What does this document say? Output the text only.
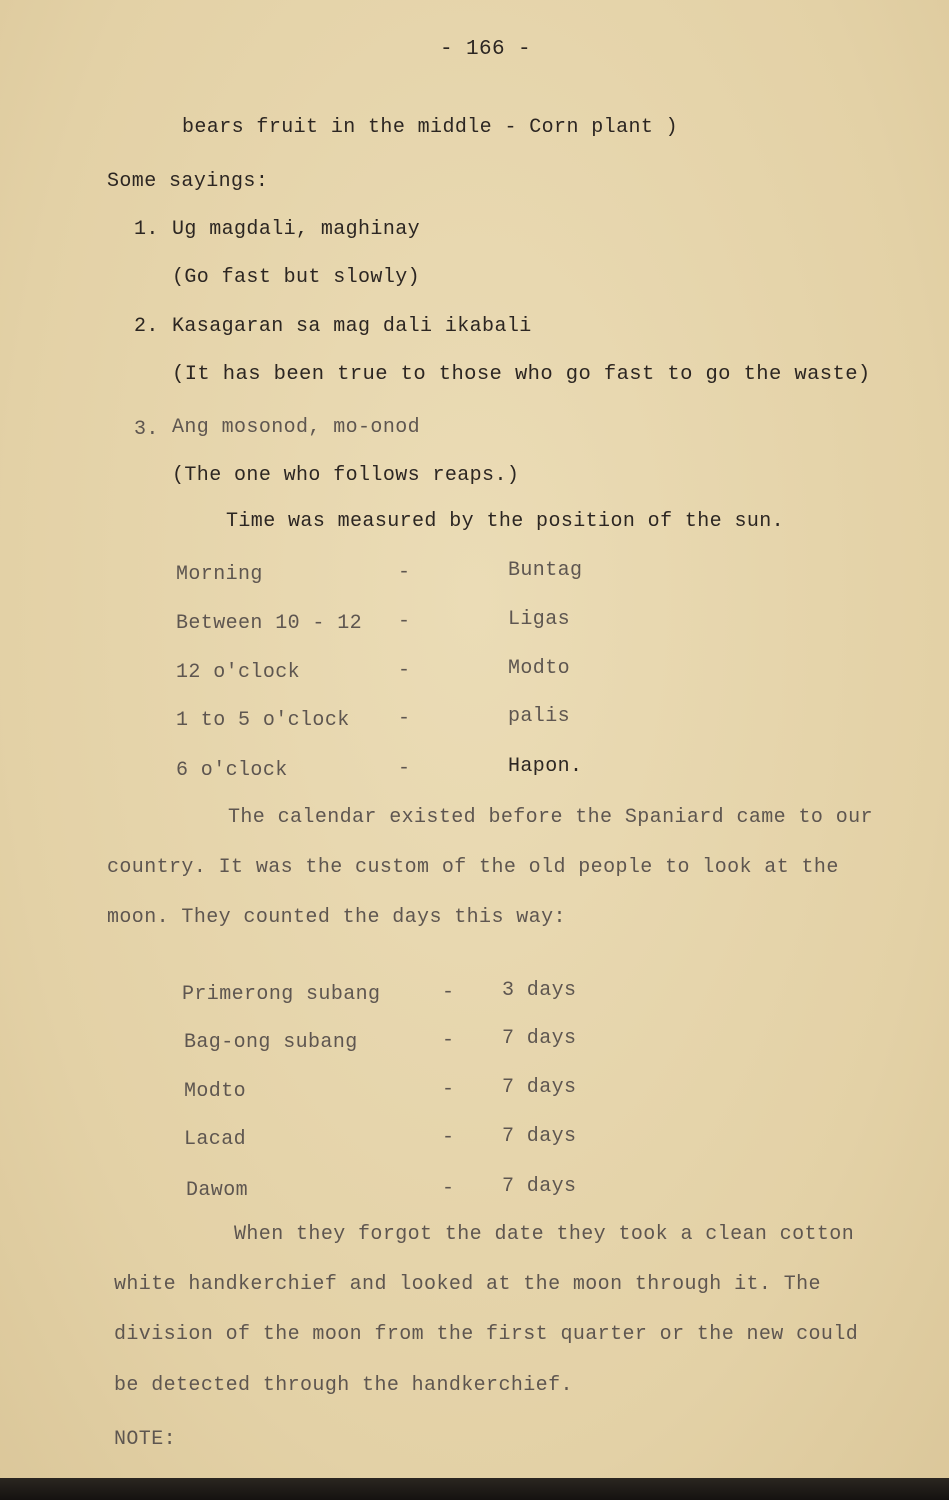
- 166 -
bears fruit in the middle - Corn plant )
Some sayings:
1. Ug magdali, maghinay
(Go fast but slowly)
2. Kasagaran sa mag dali ikabali
(It has been true to those who go fast to go the waste)
3. Ang mosonod, mo-onod
(The one who follows reaps.)
Time was measured by the position of the sun.
Morning	-	Buntag
Between 10 - 12 -	Ligas
12 o'clock	-	Modto
1 to 5 o'clock -	palis
6 o'clock	-	Hapon.
The calendar existed before the Spaniard came to our
country. It was the custom of the old people to look at the
moon. They counted the days this way:
Primerong subang	- 3 days
Bag-ong subang	- 7 days
Modto	- 7 days
Lacad	- 7 days
Dawom	- 7 days
When they forgot the date they took a clean cotton
white handkerchief and looked at the moon through it. The
division of the moon from the first quarter or the new could
be detected through the handkerchief.
NOTE:
